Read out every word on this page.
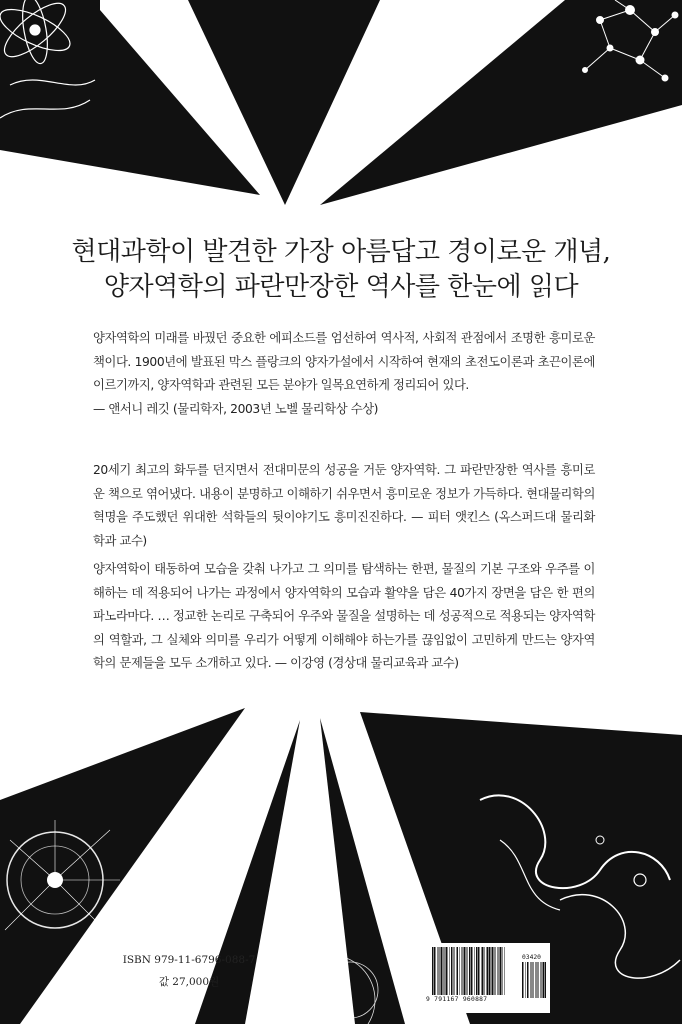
현대과학이 발견한 가장 아름답고 경이로운 개념,
양자역학의 파란만장한 역사를 한눈에 읽다

양자역학의 미래를 바꿨던 중요한 에피소드를 엄선하여 역사적, 사회적 관점에서 조명한 흥미로운 책이다. 1900년에 발표된 막스 플랑크의 양자가설에서 시작하여 현재의 초전도이론과 초끈이론에 이르기까지, 양자역학과 관련된 모든 분야가 일목요연하게 정리되어 있다.

— 앤서니 레깃 (물리학자, 2003년 노벨 물리학상 수상)

20세기 최고의 화두를 던지면서 전대미문의 성공을 거둔 양자역학. 그 파란만장한 역사를 흥미로운 책으로 엮어냈다. 내용이 분명하고 이해하기 쉬우면서 흥미로운 정보가 가득하다. 현대물리학의 혁명을 주도했던 위대한 석학들의 뒷이야기도 흥미진진하다. — 피터 앳킨스 (옥스퍼드대 물리화학과 교수)

양자역학이 태동하여 모습을 갖춰 나가고 그 의미를 탐색하는 한편, 물질의 기본 구조와 우주를 이해하는 데 적용되어 나가는 과정에서 양자역학의 모습과 활약을 담은 40가지 장면을 담은 한 편의 파노라마다. … 정교한 논리로 구축되어 우주와 물질을 설명하는 데 성공적으로 적용되는 양자역학의 역할과, 그 실체와 의미를 우리가 어떻게 이해해야 하는가를 끊임없이 고민하게 만드는 양자역학의 문제들을 모두 소개하고 있다. — 이강영 (경상대 물리교육과 교수)

ISBN 979-11-6796-088-7
값 27,000원
9 791167 960887
03420
